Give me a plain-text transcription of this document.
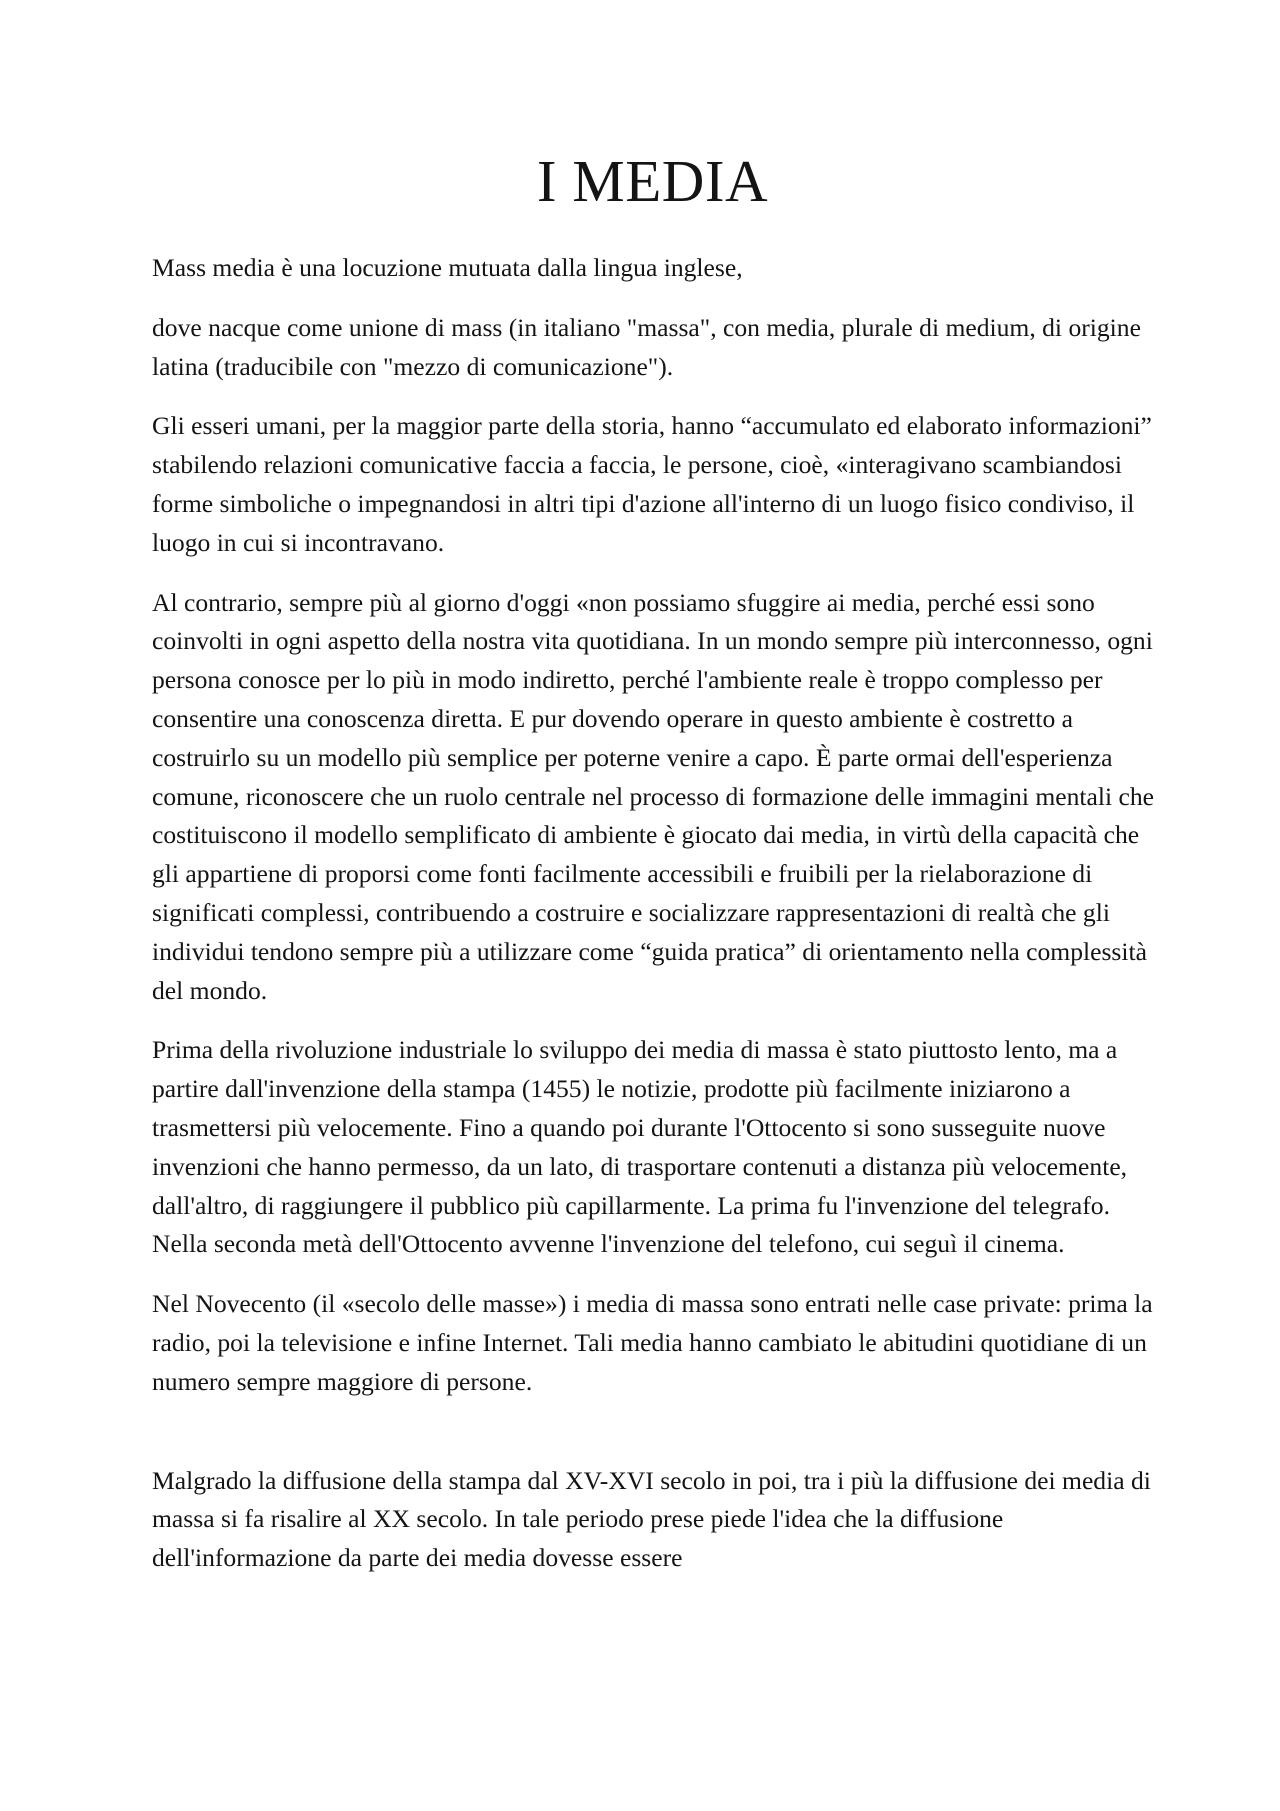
I MEDIA

Mass media è una locuzione mutuata dalla lingua inglese,

dove nacque come unione di mass (in italiano "massa", con media, plurale di medium, di origine latina (traducibile con "mezzo di comunicazione").

Gli esseri umani, per la maggior parte della storia, hanno “accumulato ed elaborato informazioni” stabilendo relazioni comunicative faccia a faccia, le persone, cioè, «interagivano scambiandosi forme simboliche o impegnandosi in altri tipi d'azione all'interno di un luogo fisico condiviso, il luogo in cui si incontravano.

Al contrario, sempre più al giorno d'oggi «non possiamo sfuggire ai media, perché essi sono coinvolti in ogni aspetto della nostra vita quotidiana. In un mondo sempre più interconnesso, ogni persona conosce per lo più in modo indiretto, perché l'ambiente reale è troppo complesso per consentire una conoscenza diretta. E pur dovendo operare in questo ambiente è costretto a costruirlo su un modello più semplice per poterne venire a capo. È parte ormai dell'esperienza comune, riconoscere che un ruolo centrale nel processo di formazione delle immagini mentali che costituiscono il modello semplificato di ambiente è giocato dai media, in virtù della capacità che gli appartiene di proporsi come fonti facilmente accessibili e fruibili per la rielaborazione di significati complessi, contribuendo a costruire e socializzare rappresentazioni di realtà che gli individui tendono sempre più a utilizzare come “guida pratica” di orientamento nella complessità del mondo.

Prima della rivoluzione industriale lo sviluppo dei media di massa è stato piuttosto lento, ma a partire dall'invenzione della stampa (1455) le notizie, prodotte più facilmente iniziarono a trasmettersi più velocemente. Fino a quando poi durante l'Ottocento si sono susseguite nuove invenzioni che hanno permesso, da un lato, di trasportare contenuti a distanza più velocemente, dall'altro, di raggiungere il pubblico più capillarmente. La prima fu l'invenzione del telegrafo. Nella seconda metà dell'Ottocento avvenne l'invenzione del telefono, cui seguì il cinema.

Nel Novecento (il «secolo delle masse») i media di massa sono entrati nelle case private: prima la radio, poi la televisione e infine Internet. Tali media hanno cambiato le abitudini quotidiane di un numero sempre maggiore di persone.

Malgrado la diffusione della stampa dal XV-XVI secolo in poi, tra i più la diffusione dei media di massa si fa risalire al XX secolo. In tale periodo prese piede l'idea che la diffusione dell'informazione da parte dei media dovesse essere
